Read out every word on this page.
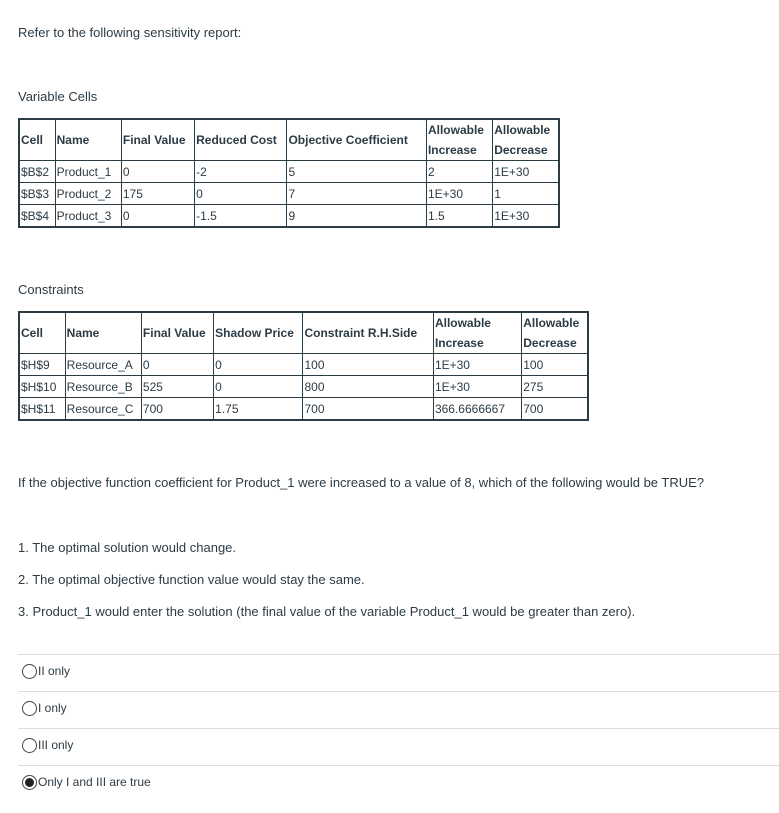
Refer to the following sensitivity report:
Variable Cells
Cell	Name	Final Value	Reduced Cost	Objective Coefficient	Allowable Increase	Allowable Decrease
$B$2	Product_1	0	-2	5	2	1E+30
$B$3	Product_2	175	0	7	1E+30	1
$B$4	Product_3	0	-1.5	9	1.5	1E+30
Constraints
Cell	Name	Final Value	Shadow Price	Constraint R.H.Side	Allowable Increase	Allowable Decrease
$H$9	Resource_A	0	0	100	1E+30	100
$H$10	Resource_B	525	0	800	1E+30	275
$H$11	Resource_C	700	1.75	700	366.6666667	700
If the objective function coefficient for Product_1 were increased to a value of 8, which of the following would be TRUE?
1. The optimal solution would change.
2. The optimal objective function value would stay the same.
3. Product_1 would enter the solution (the final value of the variable Product_1 would be greater than zero).
II only
I only
III only
Only I and III are true
